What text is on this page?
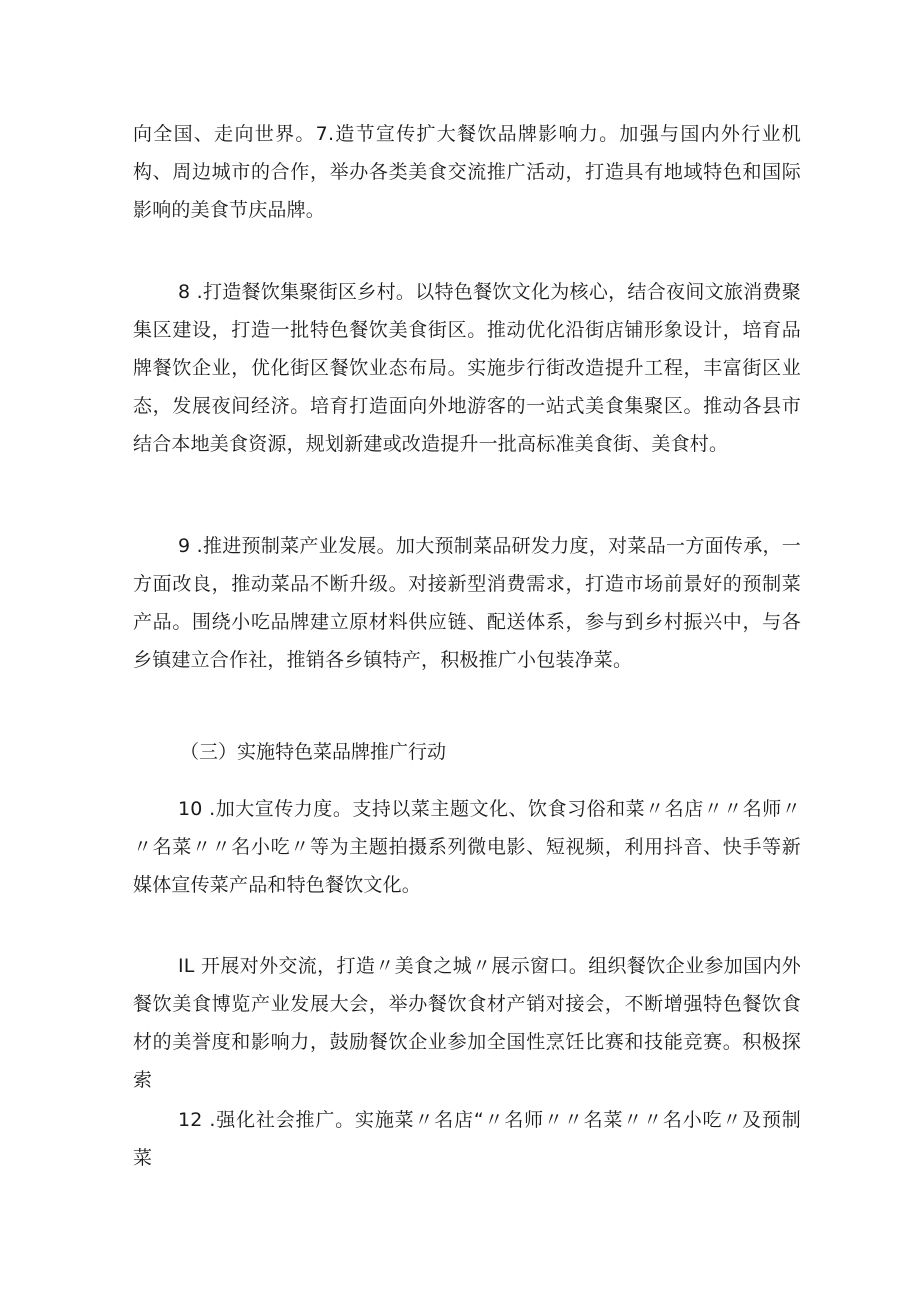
向全国、走向世界。7.造节宣传扩大餐饮品牌影响力。加强与国内外行业机构、周边城市的合作，举办各类美食交流推广活动，打造具有地域特色和国际影响的美食节庆品牌。

8 .打造餐饮集聚街区乡村。以特色餐饮文化为核心，结合夜间文旅消费聚集区建设，打造一批特色餐饮美食街区。推动优化沿街店铺形象设计，培育品牌餐饮企业，优化街区餐饮业态布局。实施步行街改造提升工程，丰富街区业态，发展夜间经济。培育打造面向外地游客的一站式美食集聚区。推动各县市结合本地美食资源，规划新建或改造提升一批高标准美食街、美食村。

9 .推进预制菜产业发展。加大预制菜品研发力度，对菜品一方面传承，一方面改良，推动菜品不断升级。对接新型消费需求，打造市场前景好的预制菜产品。围绕小吃品牌建立原材料供应链、配送体系，参与到乡村振兴中，与各乡镇建立合作社，推销各乡镇特产，积极推广小包装净菜。

（三）实施特色菜品牌推广行动

10 .加大宣传力度。支持以菜主题文化、饮食习俗和菜〃名店〃〃名师〃〃名菜〃〃名小吃〃等为主题拍摄系列微电影、短视频，利用抖音、快手等新媒体宣传菜产品和特色餐饮文化。

IL 开展对外交流，打造〃美食之城〃展示窗口。组织餐饮企业参加国内外餐饮美食博览产业发展大会，举办餐饮食材产销对接会，不断增强特色餐饮食材的美誉度和影响力，鼓励餐饮企业参加全国性烹饪比赛和技能竞赛。积极探索

12 .强化社会推广。实施菜〃名店“〃名师〃〃名菜〃〃名小吃〃及预制菜
